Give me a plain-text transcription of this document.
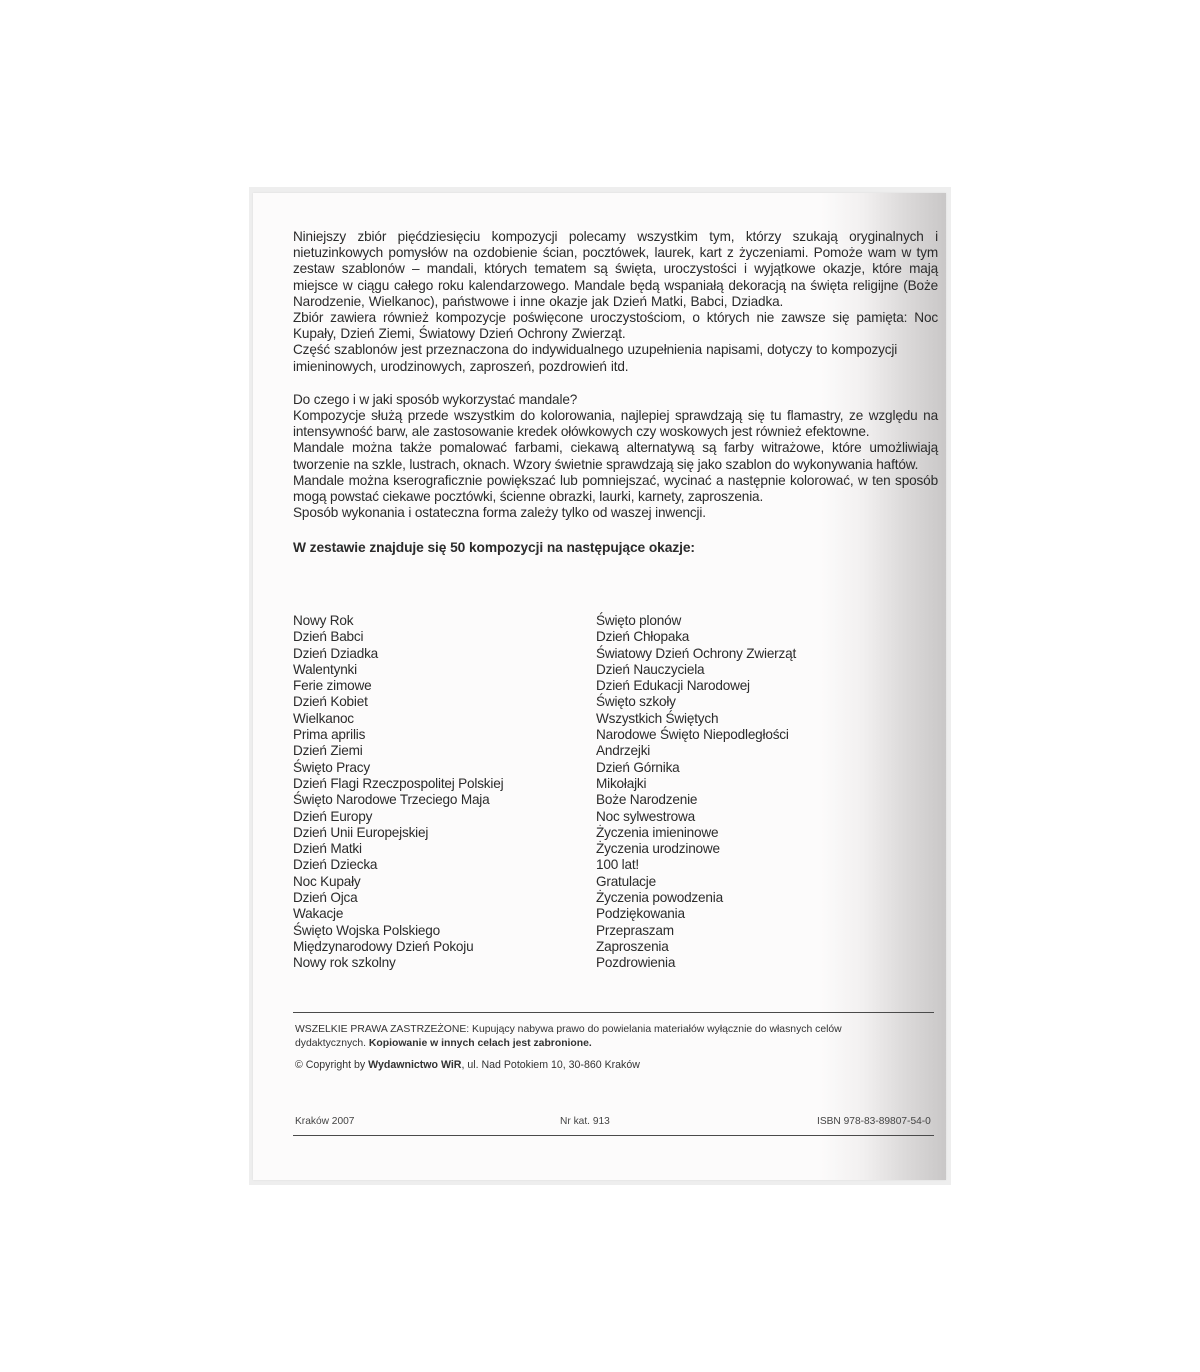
Niniejszy zbiór pięćdziesięciu kompozycji polecamy wszystkim tym, którzy szukają oryginalnych i nietuzinkowych pomysłów na ozdobienie ścian, pocztówek, laurek, kart z życzeniami. Pomoże wam w tym zestaw szablonów – mandali, których tematem są święta, uroczystości i wyjątkowe okazje, które mają miejsce w ciągu całego roku kalendarzowego. Mandale będą wspaniałą dekoracją na święta religijne (Boże Narodzenie, Wielkanoc), państwowe i inne okazje jak Dzień Matki, Babci, Dziadka.

Zbiór zawiera również kompozycje poświęcone uroczystościom, o których nie zawsze się pamięta: Noc Kupały, Dzień Ziemi, Światowy Dzień Ochrony Zwierząt.

Część szablonów jest przeznaczona do indywidualnego uzupełnienia napisami, dotyczy to kompozycji imieninowych, urodzinowych, zaproszeń, pozdrowień itd.

Do czego i w jaki sposób wykorzystać mandale?

Kompozycje służą przede wszystkim do kolorowania, najlepiej sprawdzają się tu flamastry, ze względu na intensywność barw, ale zastosowanie kredek ołówkowych czy woskowych jest również efektowne.

Mandale można także pomalować farbami, ciekawą alternatywą są farby witrażowe, które umożliwiają tworzenie na szkle, lustrach, oknach. Wzory świetnie sprawdzają się jako szablon do wykonywania haftów.

Mandale można kserograficznie powiększać lub pomniejszać, wycinać a następnie kolorować, w ten sposób mogą powstać ciekawe pocztówki, ścienne obrazki, laurki, karnety, zaproszenia.

Sposób wykonania i ostateczna forma zależy tylko od waszej inwencji.

W zestawie znajduje się 50 kompozycji na następujące okazje:
Nowy Rok
Dzień Babci
Dzień Dziadka
Walentynki
Ferie zimowe
Dzień Kobiet
Wielkanoc
Prima aprilis
Dzień Ziemi
Święto Pracy
Dzień Flagi Rzeczpospolitej Polskiej
Święto Narodowe Trzeciego Maja
Dzień Europy
Dzień Unii Europejskiej
Dzień Matki
Dzień Dziecka
Noc Kupały
Dzień Ojca
Wakacje
Święto Wojska Polskiego
Międzynarodowy Dzień Pokoju
Nowy rok szkolny
Święto plonów
Dzień Chłopaka
Światowy Dzień Ochrony Zwierząt
Dzień Nauczyciela
Dzień Edukacji Narodowej
Święto szkoły
Wszystkich Świętych
Narodowe Święto Niepodległości
Andrzejki
Dzień Górnika
Mikołajki
Boże Narodzenie
Noc sylwestrowa
Życzenia imieninowe
Życzenia urodzinowe
100 lat!
Gratulacje
Życzenia powodzenia
Podziękowania
Przepraszam
Zaproszenia
Pozdrowienia
WSZELKIE PRAWA ZASTRZEŻONE: Kupujący nabywa prawo do powielania materiałów wyłącznie do własnych celów dydaktycznych. Kopiowanie w innych celach jest zabronione.
© Copyright by Wydawnictwo WiR, ul. Nad Potokiem 10, 30-860 Kraków
Kraków 2007	Nr kat. 913	ISBN 978-83-89807-54-0
